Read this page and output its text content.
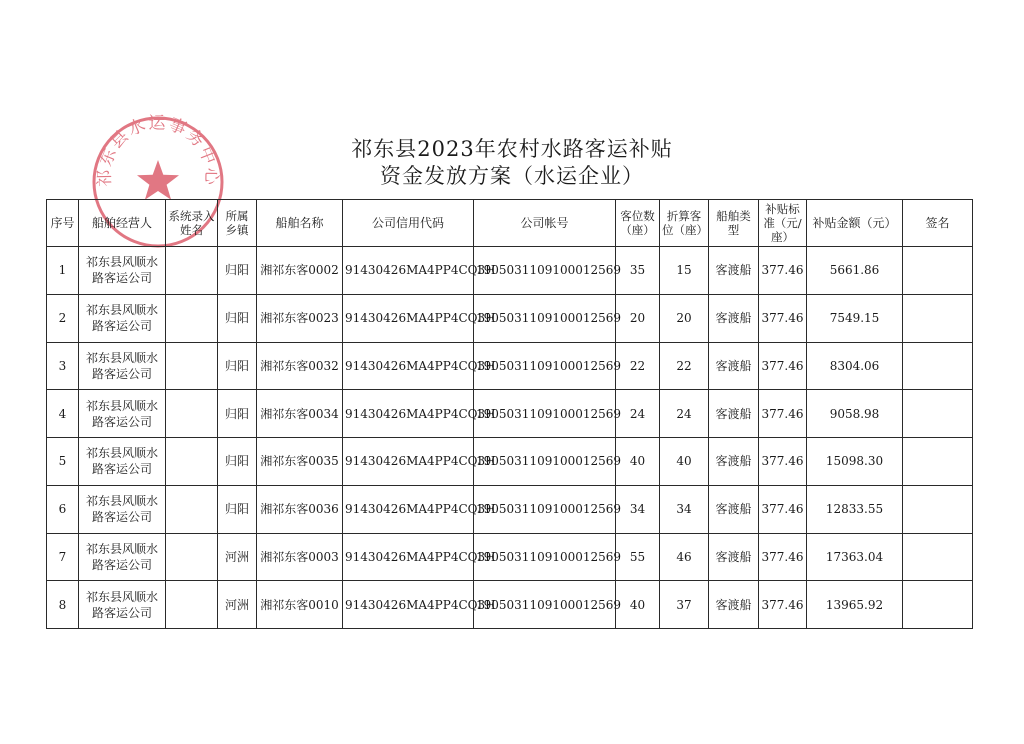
祁东县水运事务中心
祁东县2023年农村水路客运补贴
资金发放方案（水运企业）
序号	船舶经营人	系统录入姓名	所属乡镇	船舶名称	公司信用代码	公司帐号	客位数（座）	折算客位（座）	船舶类型	补贴标准（元/座）	补贴金额（元）	签名
1	祁东县风顺水路客运公司		归阳	湘祁东客0002	91430426MA4PP4CQ3H	1905031109100012569	35	15	客渡船	377.46	5661.86	
2	祁东县风顺水路客运公司		归阳	湘祁东客0023	91430426MA4PP4CQ3H	1905031109100012569	20	20	客渡船	377.46	7549.15	
3	祁东县风顺水路客运公司		归阳	湘祁东客0032	91430426MA4PP4CQ3H	1905031109100012569	22	22	客渡船	377.46	8304.06	
4	祁东县风顺水路客运公司		归阳	湘祁东客0034	91430426MA4PP4CQ3H	1905031109100012569	24	24	客渡船	377.46	9058.98	
5	祁东县风顺水路客运公司		归阳	湘祁东客0035	91430426MA4PP4CQ3H	1905031109100012569	40	40	客渡船	377.46	15098.30	
6	祁东县风顺水路客运公司		归阳	湘祁东客0036	91430426MA4PP4CQ3H	1905031109100012569	34	34	客渡船	377.46	12833.55	
7	祁东县风顺水路客运公司		河洲	湘祁东客0003	91430426MA4PP4CQ3H	1905031109100012569	55	46	客渡船	377.46	17363.04	
8	祁东县风顺水路客运公司		河洲	湘祁东客0010	91430426MA4PP4CQ3H	1905031109100012569	40	37	客渡船	377.46	13965.92	
